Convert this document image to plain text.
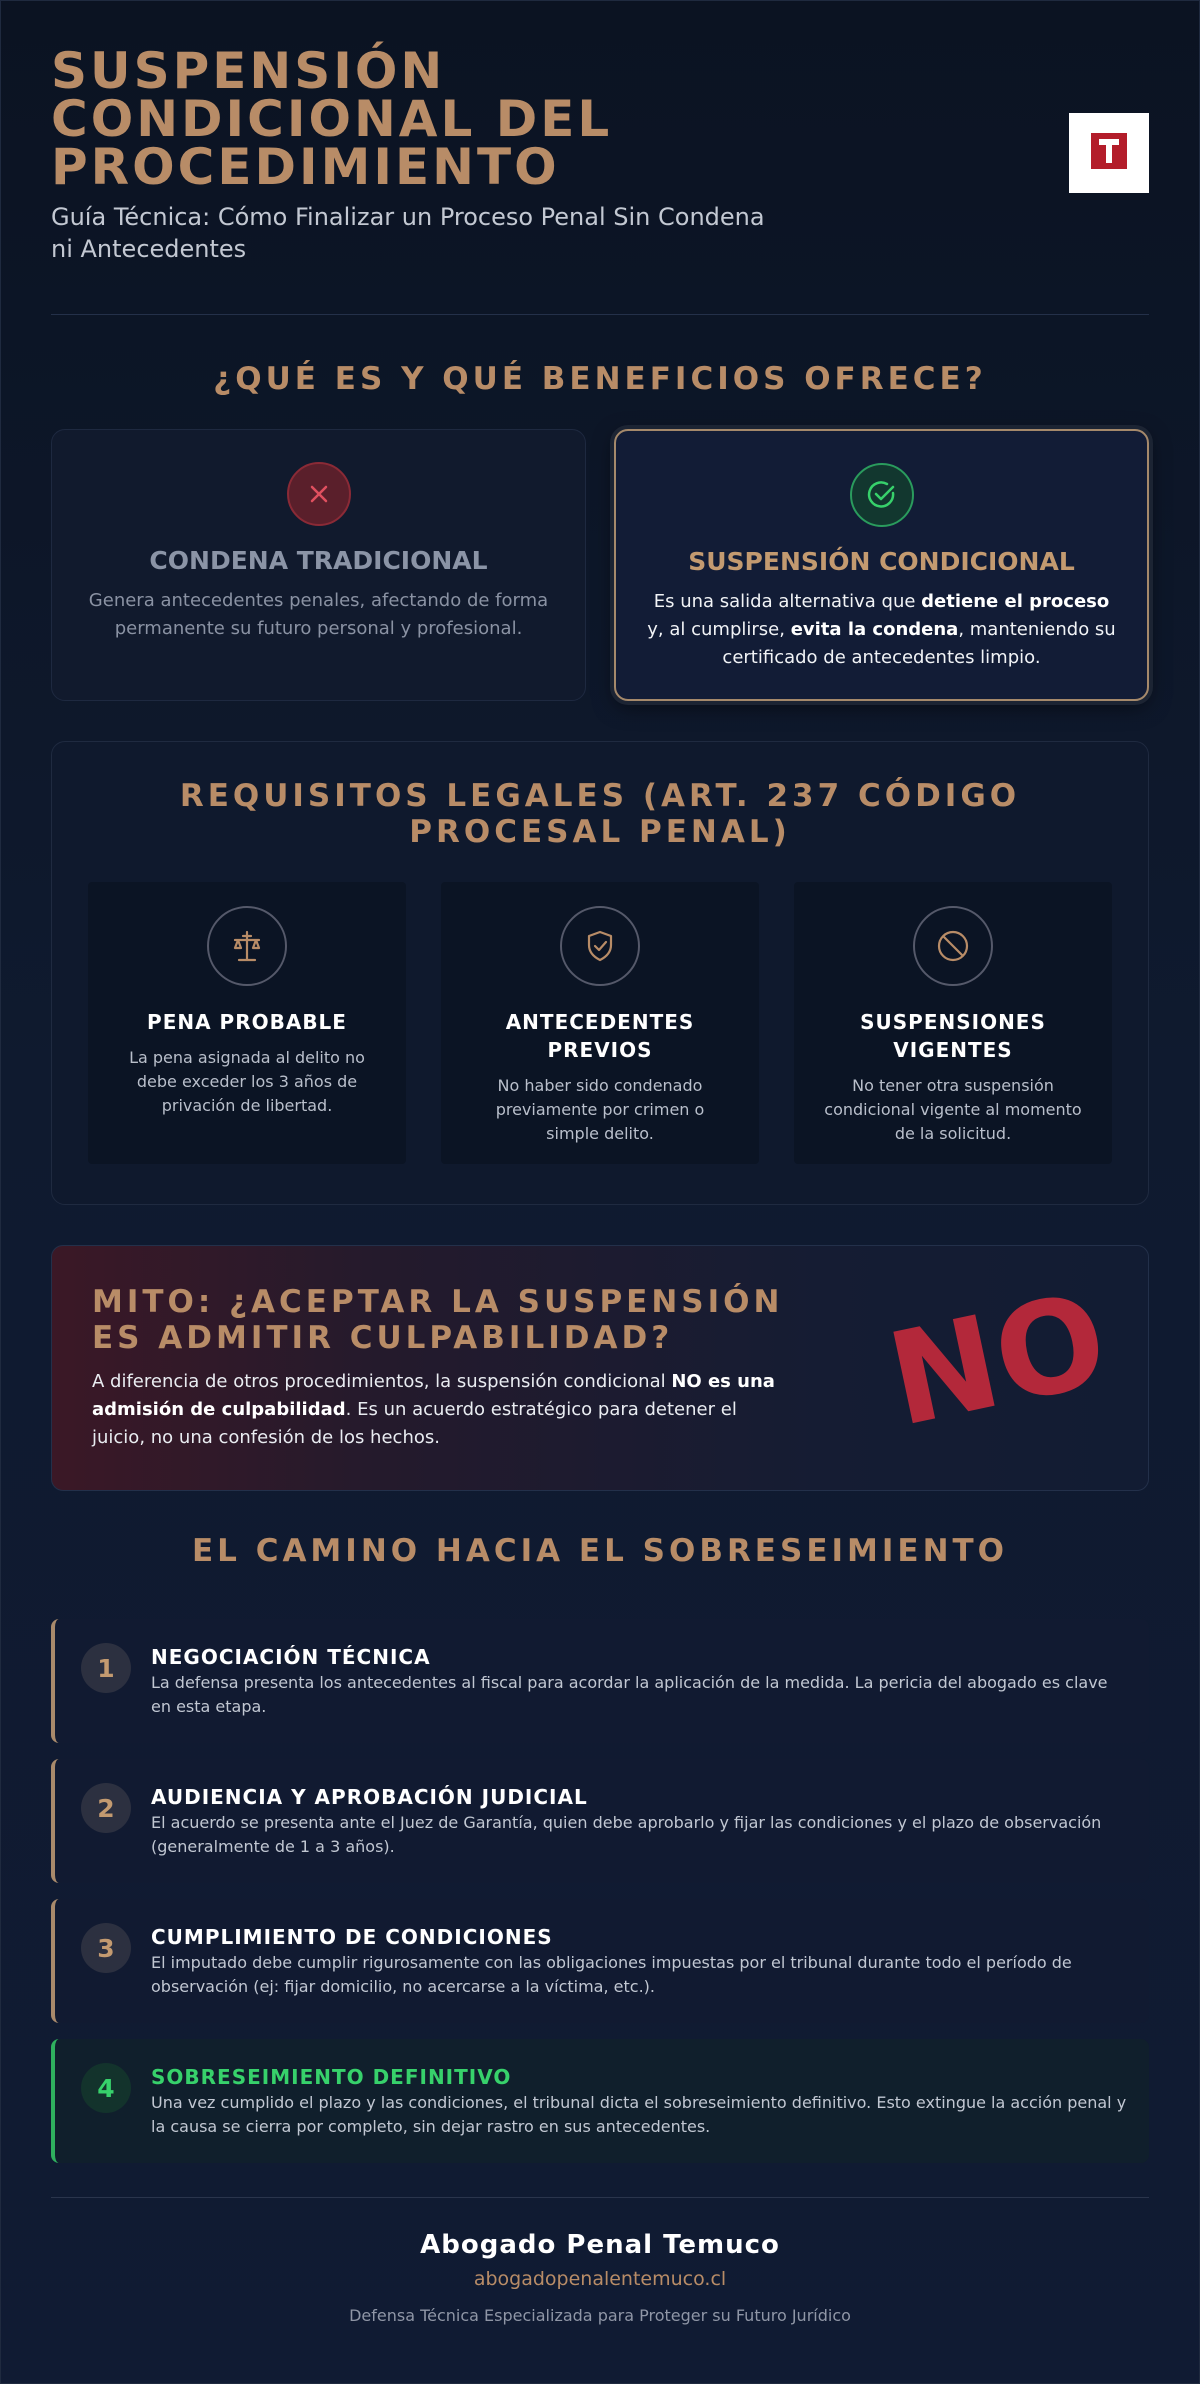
SUSPENSIÓN CONDICIONAL DEL PROCEDIMIENTO

Guía Técnica: Cómo Finalizar un Proceso Penal Sin Condena ni Antecedentes

¿QUÉ ES Y QUÉ BENEFICIOS OFRECE?
CONDENA TRADICIONAL

Genera antecedentes penales, afectando de forma permanente su futuro personal y profesional.

SUSPENSIÓN CONDICIONAL

Es una salida alternativa que detiene el proceso y, al cumplirse, evita la condena, manteniendo su certificado de antecedentes limpio.

REQUISITOS LEGALES (ART. 237 CÓDIGO PROCESAL PENAL)
PENA PROBABLE

La pena asignada al delito no debe exceder los 3 años de privación de libertad.

ANTECEDENTES PREVIOS

No haber sido condenado previamente por crimen o simple delito.

SUSPENSIONES VIGENTES

No tener otra suspensión condicional vigente al momento de la solicitud.

MITO: ¿ACEPTAR LA SUSPENSIÓN ES ADMITIR CULPABILIDAD?

A diferencia de otros procedimientos, la suspensión condicional NO es una admisión de culpabilidad. Es un acuerdo estratégico para detener el juicio, no una confesión de los hechos.	NO
EL CAMINO HACIA EL SOBRESEIMIENTO
1	NEGOCIACIÓN TÉCNICA

La defensa presenta los antecedentes al fiscal para acordar la aplicación de la medida. La pericia del abogado es clave en esta etapa.

2	AUDIENCIA Y APROBACIÓN JUDICIAL

El acuerdo se presenta ante el Juez de Garantía, quien debe aprobarlo y fijar las condiciones y el plazo de observación (generalmente de 1 a 3 años).

3	CUMPLIMIENTO DE CONDICIONES

El imputado debe cumplir rigurosamente con las obligaciones impuestas por el tribunal durante todo el período de observación (ej: fijar domicilio, no acercarse a la víctima, etc.).

4	SOBRESEIMIENTO DEFINITIVO

Una vez cumplido el plazo y las condiciones, el tribunal dicta el sobreseimiento definitivo. Esto extingue la acción penal y la causa se cierra por completo, sin dejar rastro en sus antecedentes.

Abogado Penal Temuco
abogadopenalentemuco.cl
Defensa Técnica Especializada para Proteger su Futuro Jurídico
